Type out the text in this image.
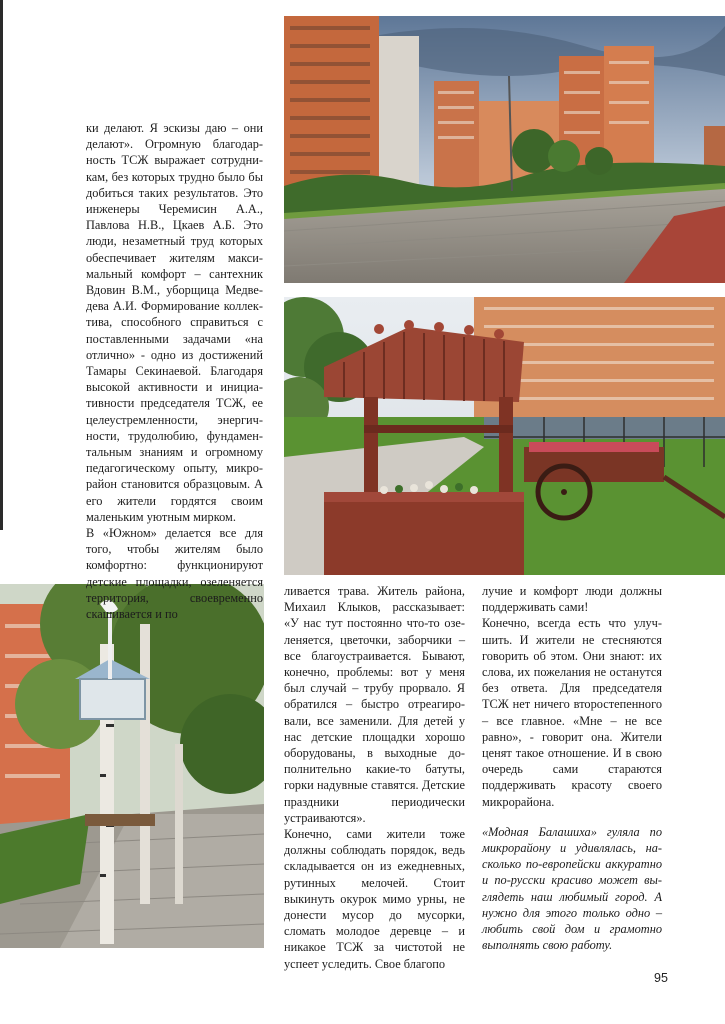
ки делают. Я эскизы даю – они делают». Огромную благодарность ТСЖ выражает сотрудникам, без которых трудно было бы добиться таких результатов. Это инженеры Черемисин А.А., Павлова Н.В., Цкаев А.Б. Это люди, незаметный труд которых обеспечивает жителям максимальный комфорт – сантехник Вдовин В.М., уборщица Медведева А.И. Формирование коллектива, способного справиться с поставленными задачами «на отлично» - одно из достижений Тамары Секинаевой. Благодаря высокой активности и инициативности председателя ТСЖ, ее целеустремленности, энергичности, трудолюбию, фундаментальным знаниям и огромному педагогическому опыту, микрорайон становится образцовым. А его жители гордятся своим маленьким уютным мирком.

В «Южном» делается все для того, чтобы жителям было комфортно: функционируют детские площадки, озеленяется территория, своевременно скашивается и по

ливается трава. Житель района, Михаил Клыков, рассказывает: «У нас тут постоянно что-то озеленяется, цветочки, заборчики – все благоустраивается. Бывают, конечно, проблемы: вот у меня был случай – трубу прорвало. Я обратился – быстро отреагировали, все заменили. Для детей у нас детские площадки хорошо оборудованы, в выходные дополнительно какие-то батуты, горки надувные ставятся. Детские праздники периодически устраиваются».

Конечно, сами жители тоже должны соблюдать порядок, ведь складывается он из ежедневных, рутинных мелочей. Стоит выкинуть окурок мимо урны, не донести мусор до мусорки, сломать молодое деревце – и никакое ТСЖ за чистотой не успеет уследить. Свое благопо

лучие и комфорт люди должны поддерживать сами!

Конечно, всегда есть что улучшить. И жители не стесняются говорить об этом. Они знают: их слова, их пожелания не останутся без ответа. Для председателя ТСЖ нет ничего второстепенного – все главное. «Мне – не все равно», - говорит она. Жители ценят такое отношение. И в свою очередь сами стараются поддерживать красоту своего микрорайона.

«Модная Балашиха» гуляла по микрорайону и удивлялась, насколько по-европейски аккуратно и по-русски красиво может выглядеть наш любимый город. А нужно для этого только одно – любить свой дом и грамотно выполнять свою работу.

95
